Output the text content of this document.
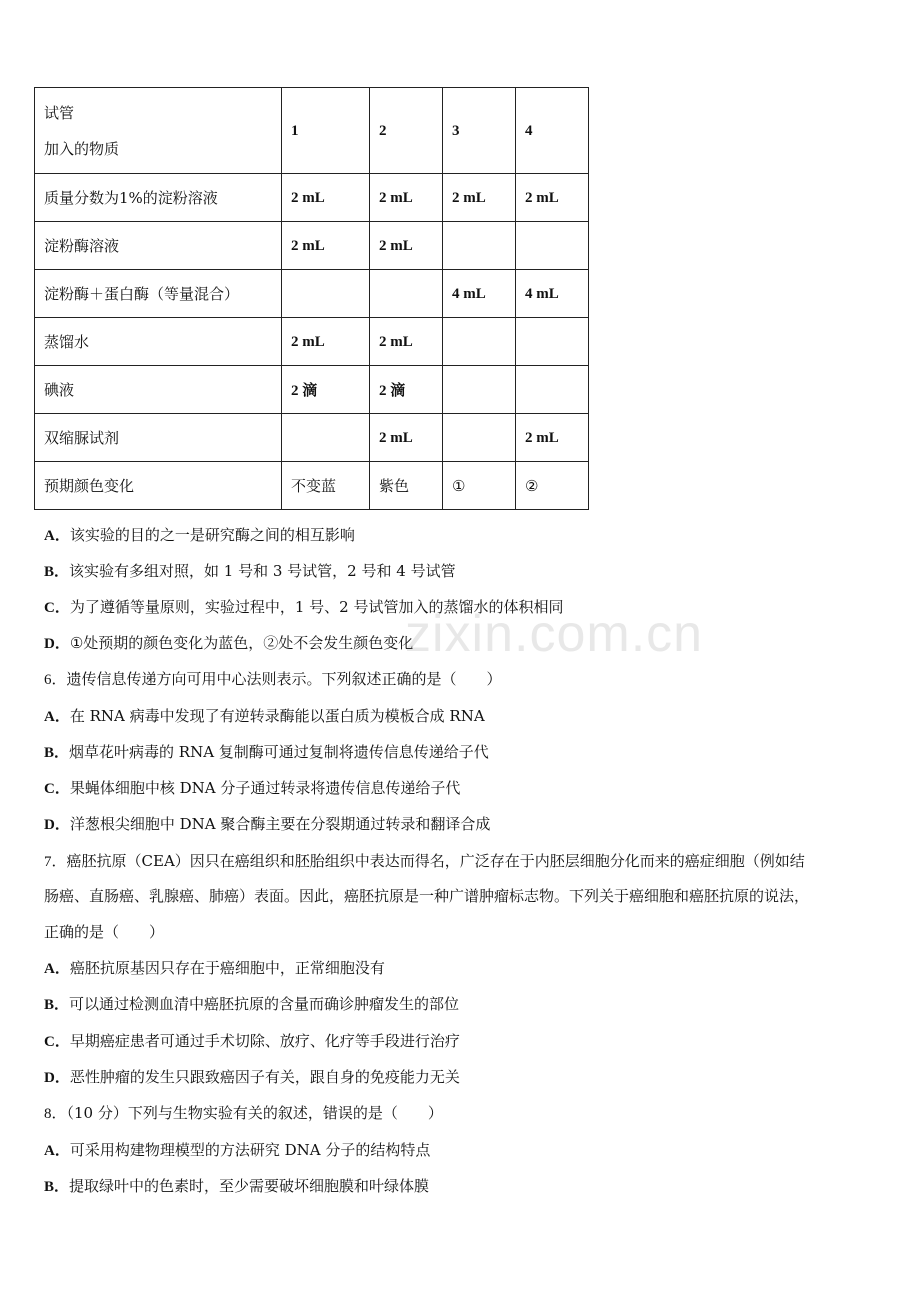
试管
加入的物质	1	2	3	4
质量分数为1%的淀粉溶液	2 mL	2 mL	2 mL	2 mL
淀粉酶溶液	2 mL	2 mL		
淀粉酶＋蛋白酶（等量混合）			4 mL	4 mL
蒸馏水	2 mL	2 mL		
碘液	2 滴	2 滴		
双缩脲试剂		2 mL		2 mL
预期颜色变化	不变蓝	紫色	①	②
A．该实验的目的之一是研究酶之间的相互影响
B．该实验有多组对照，如 1 号和 3 号试管，2 号和 4 号试管
C．为了遵循等量原则，实验过程中，1 号、2 号试管加入的蒸馏水的体积相同
D．①处预期的颜色变化为蓝色，②处不会发生颜色变化
zixin.com.cn
6．遗传信息传递方向可用中心法则表示。下列叙述正确的是（　　）
A．在 RNA 病毒中发现了有逆转录酶能以蛋白质为模板合成 RNA
B．烟草花叶病毒的 RNA 复制酶可通过复制将遗传信息传递给子代
C．果蝇体细胞中核 DNA 分子通过转录将遗传信息传递给子代
D．洋葱根尖细胞中 DNA 聚合酶主要在分裂期通过转录和翻译合成
7．癌胚抗原（CEA）因只在癌组织和胚胎组织中表达而得名，广泛存在于内胚层细胞分化而来的癌症细胞（例如结
肠癌、直肠癌、乳腺癌、肺癌）表面。因此，癌胚抗原是一种广谱肿瘤标志物。下列关于癌细胞和癌胚抗原的说法，
正确的是（　　）
A．癌胚抗原基因只存在于癌细胞中，正常细胞没有
B．可以通过检测血清中癌胚抗原的含量而确诊肿瘤发生的部位
C．早期癌症患者可通过手术切除、放疗、化疗等手段进行治疗
D．恶性肿瘤的发生只跟致癌因子有关，跟自身的免疫能力无关
8．（10 分）下列与生物实验有关的叙述，错误的是（　　）
A．可采用构建物理模型的方法研究 DNA 分子的结构特点
B．提取绿叶中的色素时，至少需要破坏细胞膜和叶绿体膜
